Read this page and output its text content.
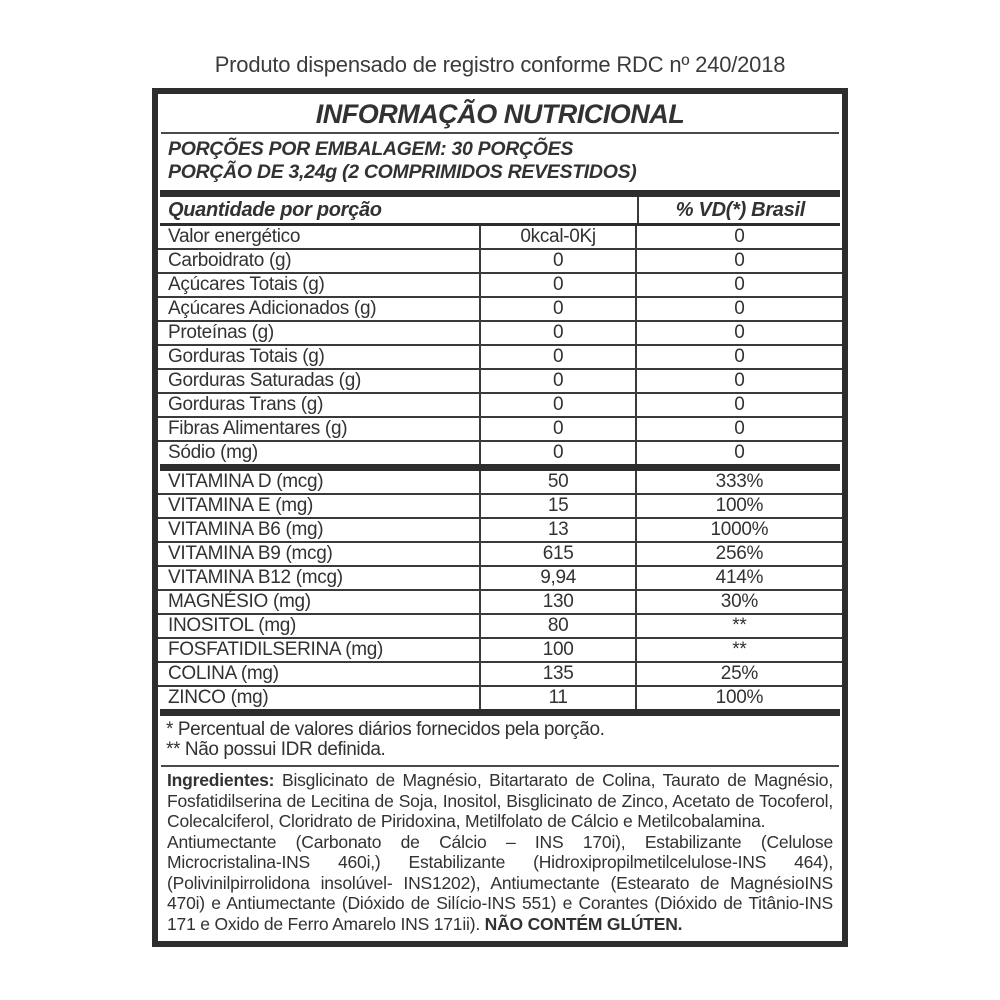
Produto dispensado de registro conforme RDC nº 240/2018
INFORMAÇÃO NUTRICIONAL
PORÇÕES POR EMBALAGEM: 30 PORÇÕES
PORÇÃO DE 3,24g (2 COMPRIMIDOS REVESTIDOS)
Quantidade por porção	% VD(*) Brasil
Valor energético	0kcal-0Kj	0
Carboidrato (g)	0	0
Açúcares Totais (g)	0	0
Açúcares Adicionados (g)	0	0
Proteínas (g)	0	0
Gorduras Totais (g)	0	0
Gorduras Saturadas (g)	0	0
Gorduras Trans (g)	0	0
Fibras Alimentares (g)	0	0
Sódio (mg)	0	0
VITAMINA D (mcg)	50	333%
VITAMINA E (mg)	15	100%
VITAMINA B6 (mg)	13	1000%
VITAMINA B9 (mcg)	615	256%
VITAMINA B12 (mcg)	9,94	414%
MAGNÉSIO (mg)	130	30%
INOSITOL (mg)	80	**
FOSFATIDILSERINA (mg)	100	**
COLINA (mg)	135	25%
ZINCO (mg)	11	100%
* Percentual de valores diários fornecidos pela porção.
** Não possui IDR definida.

Ingredientes: Bisglicinato de Magnésio, Bitartarato de Colina, Taurato de Magnésio, Fosfatidilserina de Lecitina de Soja, Inositol, Bisglicinato de Zinco, Acetato de Tocoferol, Colecalciferol, Cloridrato de Piridoxina, Metilfolato de Cálcio e Metilcobalamina.

Antiumectante (Carbonato de Cálcio – INS 170i), Estabilizante (Celulose Microcristalina-INS 460i,) Estabilizante (Hidroxipropilmetilcelulose-INS 464), (Polivinilpirrolidona insolúvel- INS1202), Antiumectante (Estearato de MagnésioINS 470i) e Antiumectante (Dióxido de Silício-INS 551) e Corantes (Dióxido de Titânio-INS 171 e Oxido de Ferro Amarelo INS 171ii). NÃO CONTÉM GLÚTEN.
